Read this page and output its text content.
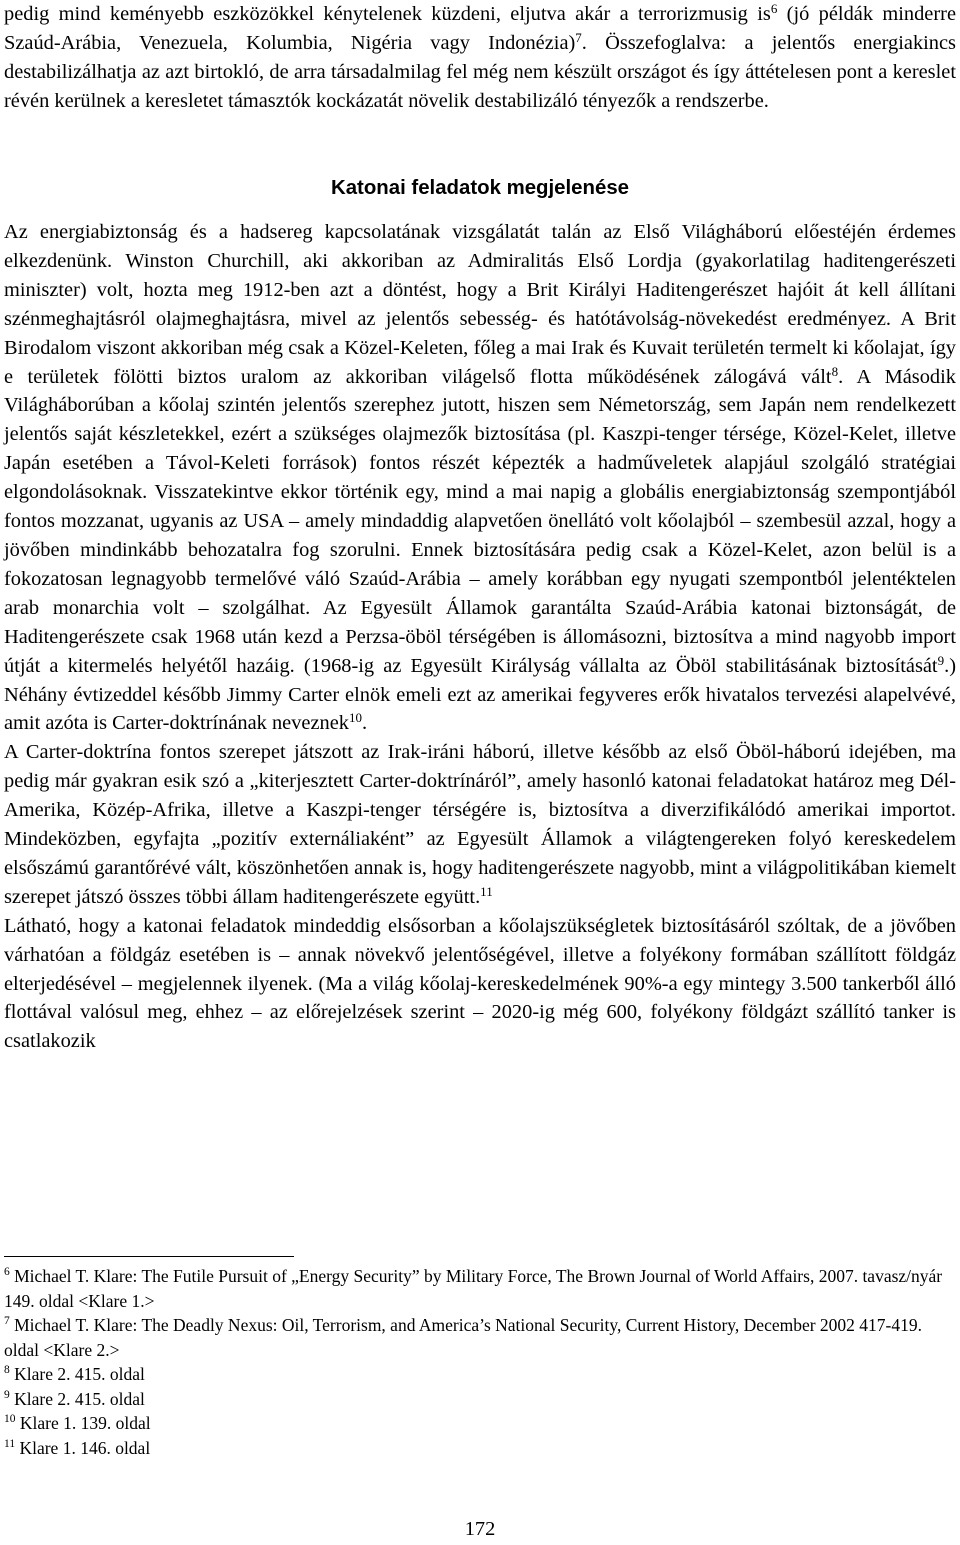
pedig mind keményebb eszközökkel kénytelenek küzdeni, eljutva akár a terrorizmusig $is^6$ (jó példák minderre Szaúd-Arábia, Venezuela, Kolumbia, Nigéria vagy Indonézia)$^7$. Összefoglalva: a jelentős energiakincs destabilizálhatja az azt birtokló, de arra társadalmilag fel még nem készült országot és így áttételesen pont a kereslet révén kerülnek a keresletet támasztók kockázatát növelik destabilizáló tényezők a rendszerbe.

Katonai feladatok megjelenése

Az energiabiztonság és a hadsereg kapcsolatának vizsgálatát talán az Első Világháború előestéjén érdemes elkezdenünk. Winston Churchill, aki akkoriban az Admiralitás Első Lordja (gyakorlatilag haditengerészeti miniszter) volt, hozta meg 1912-ben azt a döntést, hogy a Brit Királyi Haditengerészet hajóit át kell állítani szénmeghajtásról olajmeghajtásra, mivel az jelentős sebesség- és hatótávolság-növekedést eredményez. A Brit Birodalom viszont akkoriban még csak a Közel-Keleten, főleg a mai Irak és Kuvait területén termelt ki kőolajat, így e területek fölötti biztos uralom az akkoriban világelső flotta működésének zálogává vált$^8$. A Második Világháborúban a kőolaj szintén jelentős szerephez jutott, hiszen sem Németország, sem Japán nem rendelkezett jelentős saját készletekkel, ezért a szükséges olajmezők biztosítása (pl. Kaszpi-tenger térsége, Közel-Kelet, illetve Japán esetében a Távol-Keleti források) fontos részét képezték a hadműveletek alapjául szolgáló stratégiai elgondolásoknak. Visszatekintve ekkor történik egy, mind a mai napig a globális energiabiztonság szempontjából fontos mozzanat, ugyanis az USA – amely mindaddig alapvetően önellátó volt kőolajból – szembesül azzal, hogy a jövőben mindinkább behozatalra fog szorulni. Ennek biztosítására pedig csak a Közel-Kelet, azon belül is a fokozatosan legnagyobb termelővé váló Szaúd-Arábia – amely korábban egy nyugati szempontból jelentéktelen arab monarchia volt – szolgálhat. Az Egyesült Államok garantálta Szaúd-Arábia katonai biztonságát, de Haditengerészete csak 1968 után kezd a Perzsa-öböl térségében is állomásozni, biztosítva a mind nagyobb import útját a kitermelés helyétől hazáig. (1968-ig az Egyesült Királyság vállalta az Öböl stabilitásának biztosítását$^9$.) Néhány évtizeddel később Jimmy Carter elnök emeli ezt az amerikai fegyveres erők hivatalos tervezési alapelvévé, amit azóta is Carter-doktrínának neveznek$^{10}$.
A Carter-doktrína fontos szerepet játszott az Irak-iráni háború, illetve később az első Öböl-háború idejében, ma pedig már gyakran esik szó a „kiterjesztett Carter-doktrínáról”, amely hasonló katonai feladatokat határoz meg Dél-Amerika, Közép-Afrika, illetve a Kaszpi-tenger térségére is, biztosítva a diverzifikálódó amerikai importot. Mindeközben, egyfajta „pozitív externáliaként” az Egyesült Államok a világtengereken folyó kereskedelem elsőszámú garantőrévé vált, köszönhetően annak is, hogy haditengerészete nagyobb, mint a világpolitikában kiemelt szerepet játszó összes többi állam haditengerészete együtt.$^{11}$
Látható, hogy a katonai feladatok mindeddig elsősorban a kőolajszükségletek biztosításáról szóltak, de a jövőben várhatóan a földgáz esetében is – annak növekvő jelentőségével, illetve a folyékony formában szállított földgáz elterjedésével – megjelennek ilyenek. (Ma a világ kőolaj-kereskedelmének 90%-a egy mintegy 3.500 tankerből álló flottával valósul meg, ehhez – az előrejelzések szerint – 2020-ig még 600, folyékony földgázt szállító tanker is csatlakozik

$^6$ Michael T. Klare: The Futile Pursuit of „Energy Security” by Military Force, The Brown Journal of World Affairs, 2007. tavasz/nyár 149. oldal <Klare 1.>

$^7$ Michael T. Klare: The Deadly Nexus: Oil, Terrorism, and America’s National Security, Current History, December 2002 417-419. oldal <Klare 2.>

$^8$ Klare 2. 415. oldal

$^9$ Klare 2. 415. oldal

$^{10}$ Klare 1. 139. oldal

$^{11}$ Klare 1. 146. oldal

172
